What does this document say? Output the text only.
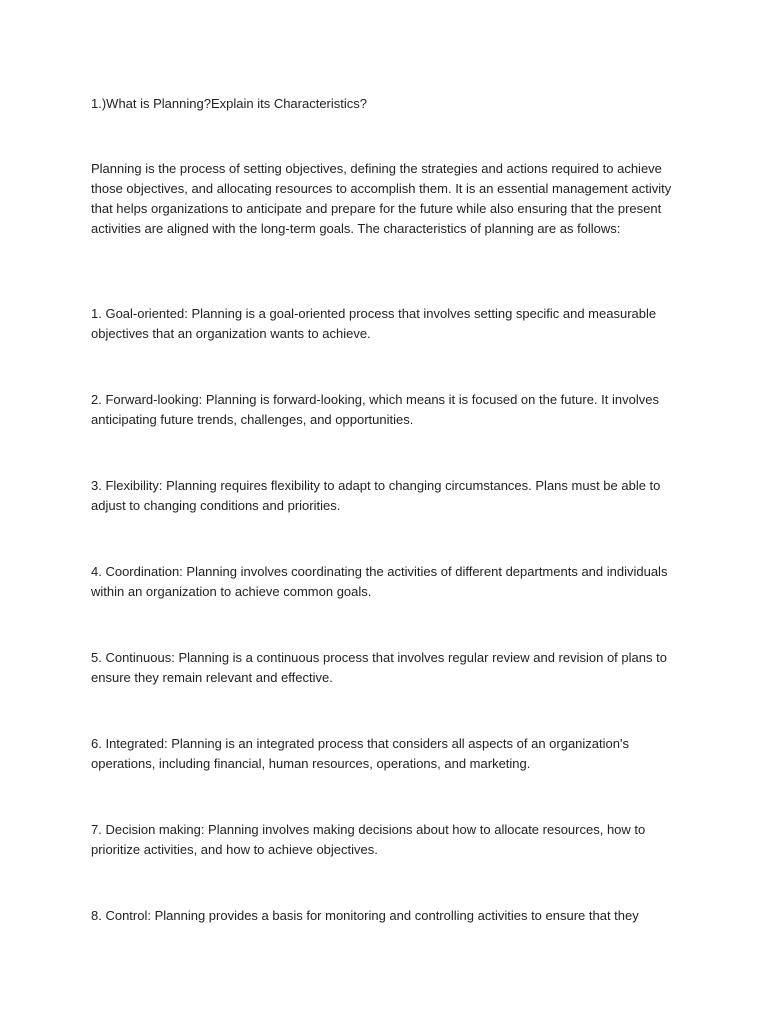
1.)What is Planning?Explain its Characteristics?
Planning is the process of setting objectives, defining the strategies and actions required to achieve those objectives, and allocating resources to accomplish them. It is an essential management activity that helps organizations to anticipate and prepare for the future while also ensuring that the present activities are aligned with the long-term goals. The characteristics of planning are as follows:
1. Goal-oriented: Planning is a goal-oriented process that involves setting specific and measurable objectives that an organization wants to achieve.
2. Forward-looking: Planning is forward-looking, which means it is focused on the future. It involves anticipating future trends, challenges, and opportunities.
3. Flexibility: Planning requires flexibility to adapt to changing circumstances. Plans must be able to adjust to changing conditions and priorities.
4. Coordination: Planning involves coordinating the activities of different departments and individuals within an organization to achieve common goals.
5. Continuous: Planning is a continuous process that involves regular review and revision of plans to ensure they remain relevant and effective.
6. Integrated: Planning is an integrated process that considers all aspects of an organization's operations, including financial, human resources, operations, and marketing.
7. Decision making: Planning involves making decisions about how to allocate resources, how to prioritize activities, and how to achieve objectives.
8. Control: Planning provides a basis for monitoring and controlling activities to ensure that they
